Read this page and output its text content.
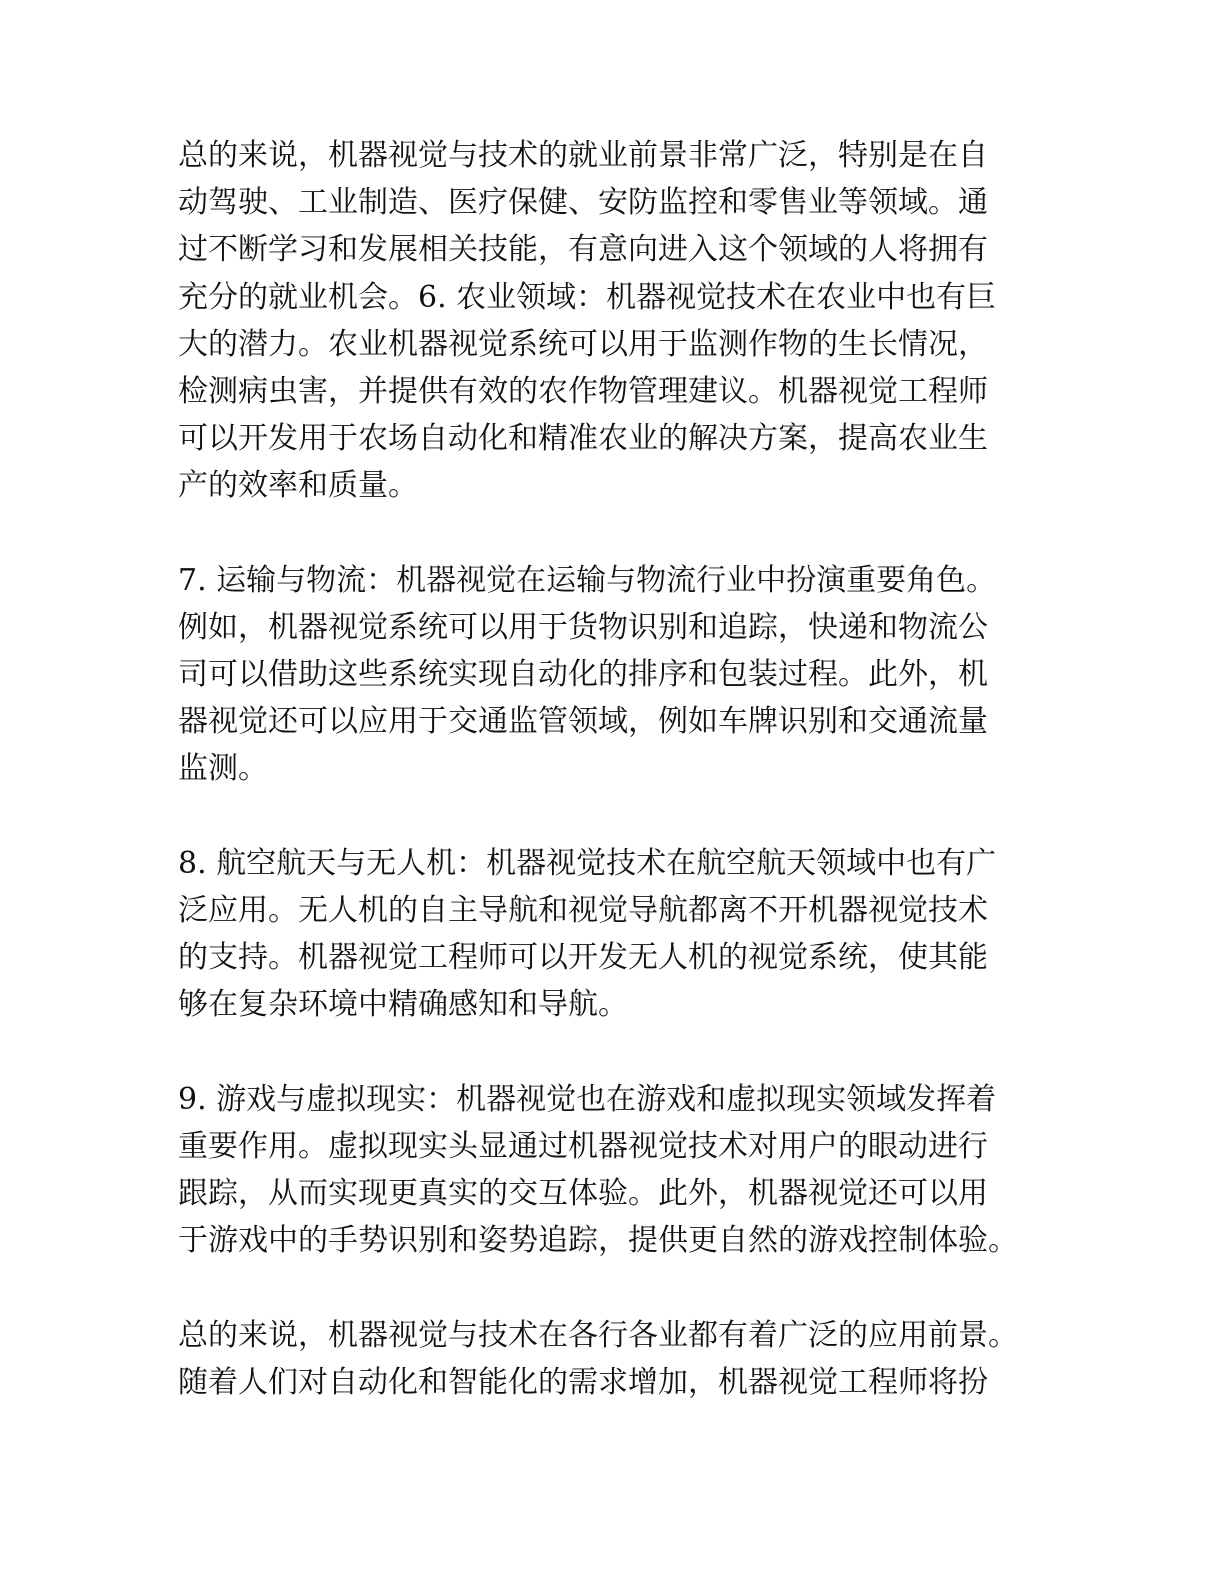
总的来说，机器视觉与技术的就业前景非常广泛，特别是在自
动驾驶、工业制造、医疗保健、安防监控和零售业等领域。通
过不断学习和发展相关技能，有意向进入这个领域的人将拥有
充分的就业机会。6. 农业领域：机器视觉技术在农业中也有巨
大的潜力。农业机器视觉系统可以用于监测作物的生长情况，
检测病虫害，并提供有效的农作物管理建议。机器视觉工程师
可以开发用于农场自动化和精准农业的解决方案，提高农业生
产的效率和质量。
7. 运输与物流：机器视觉在运输与物流行业中扮演重要角色。
例如，机器视觉系统可以用于货物识别和追踪，快递和物流公
司可以借助这些系统实现自动化的排序和包装过程。此外，机
器视觉还可以应用于交通监管领域，例如车牌识别和交通流量
监测。
8. 航空航天与无人机：机器视觉技术在航空航天领域中也有广
泛应用。无人机的自主导航和视觉导航都离不开机器视觉技术
的支持。机器视觉工程师可以开发无人机的视觉系统，使其能
够在复杂环境中精确感知和导航。
9. 游戏与虚拟现实：机器视觉也在游戏和虚拟现实领域发挥着
重要作用。虚拟现实头显通过机器视觉技术对用户的眼动进行
跟踪，从而实现更真实的交互体验。此外，机器视觉还可以用
于游戏中的手势识别和姿势追踪，提供更自然的游戏控制体验。
总的来说，机器视觉与技术在各行各业都有着广泛的应用前景。
随着人们对自动化和智能化的需求增加，机器视觉工程师将扮
